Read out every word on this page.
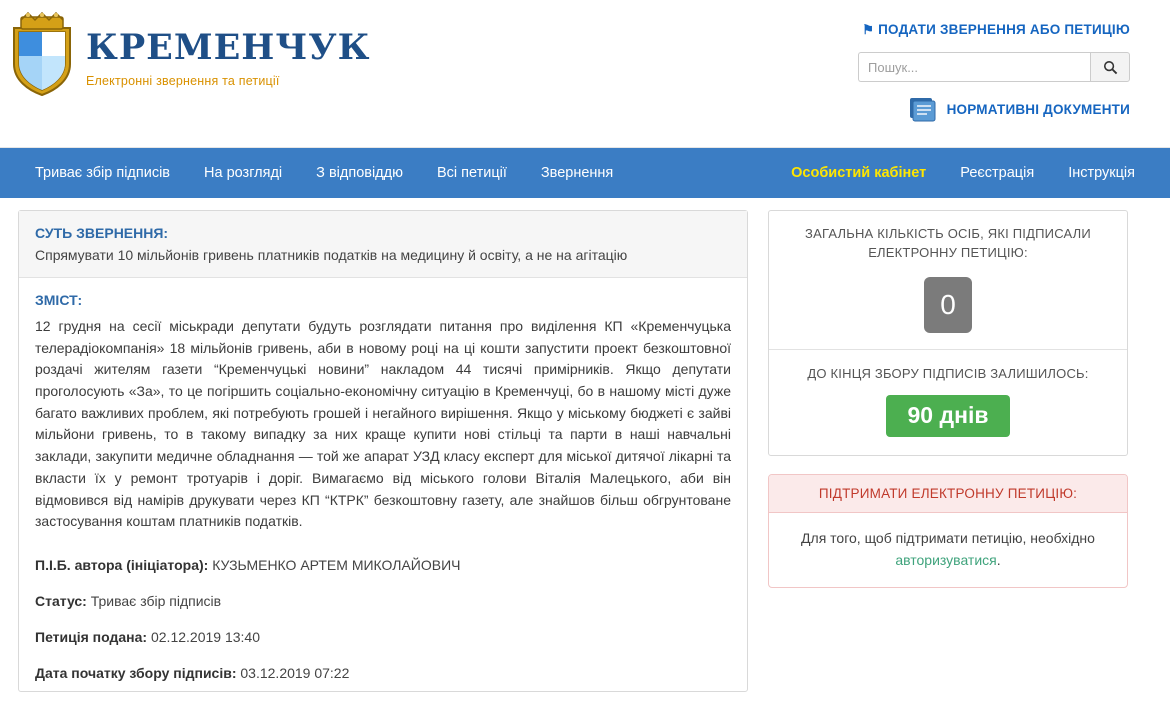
КРЕМЕНЧУК
Електронні звернення та петиції
⚑ ПОДАТИ ЗВЕРНЕННЯ АБО ПЕТИЦІЮ
Пошук...
НОРМАТИВНІ ДОКУМЕНТИ
Триває збір підписів	На розгляді	З відповіддю	Всі петиції	Звернення	Особистий кабінет	Реєстрація	Інструкція
СУТЬ ЗВЕРНЕННЯ:
Спрямувати 10 мільйонів гривень платників податків на медицину й освіту, а не на агітацію
ЗМІСТ:
12 грудня на сесії міськради депутати будуть розглядати питання про виділення КП «Кременчуцька телерадіокомпанія» 18 мільйонів гривень, аби в новому році на ці кошти запустити проект безкоштовної роздачі жителям газети “Кременчуцькі новини” накладом 44 тисячі примірників. Якщо депутати проголосують «За», то це погіршить соціально-економічну ситуацію в Кременчуці, бо в нашому місті дуже багато важливих проблем, які потребують грошей і негайного вирішення. Якщо у міському бюджеті є зайві мільйони гривень, то в такому випадку за них краще купити нові стільці та парти в наші навчальні заклади, закупити медичне обладнання — той же апарат УЗД класу експерт для міської дитячої лікарні та вкласти їх у ремонт тротуарів і доріг. Вимагаємо від міського голови Віталія Малецького, аби він відмовився від намірів друкувати через КП “КТРК” безкоштовну газету, але знайшов більш обгрунтоване застосування коштам платників податків.
П.І.Б. автора (ініціатора): КУЗЬМЕНКО АРТЕМ МИКОЛАЙОВИЧ
Статус: Триває збір підписів
Петиція подана: 02.12.2019 13:40
Дата початку збору підписів: 03.12.2019 07:22
ЗАГАЛЬНА КІЛЬКІСТЬ ОСІБ, ЯКІ ПІДПИСАЛИ ЕЛЕКТРОННУ ПЕТИЦІЮ:
0
ДО КІНЦЯ ЗБОРУ ПІДПИСІВ ЗАЛИШИЛОСЬ:
90 днів
ПІДТРИМАТИ ЕЛЕКТРОННУ ПЕТИЦІЮ:
Для того, щоб підтримати петицію, необхідно авторизуватися.
